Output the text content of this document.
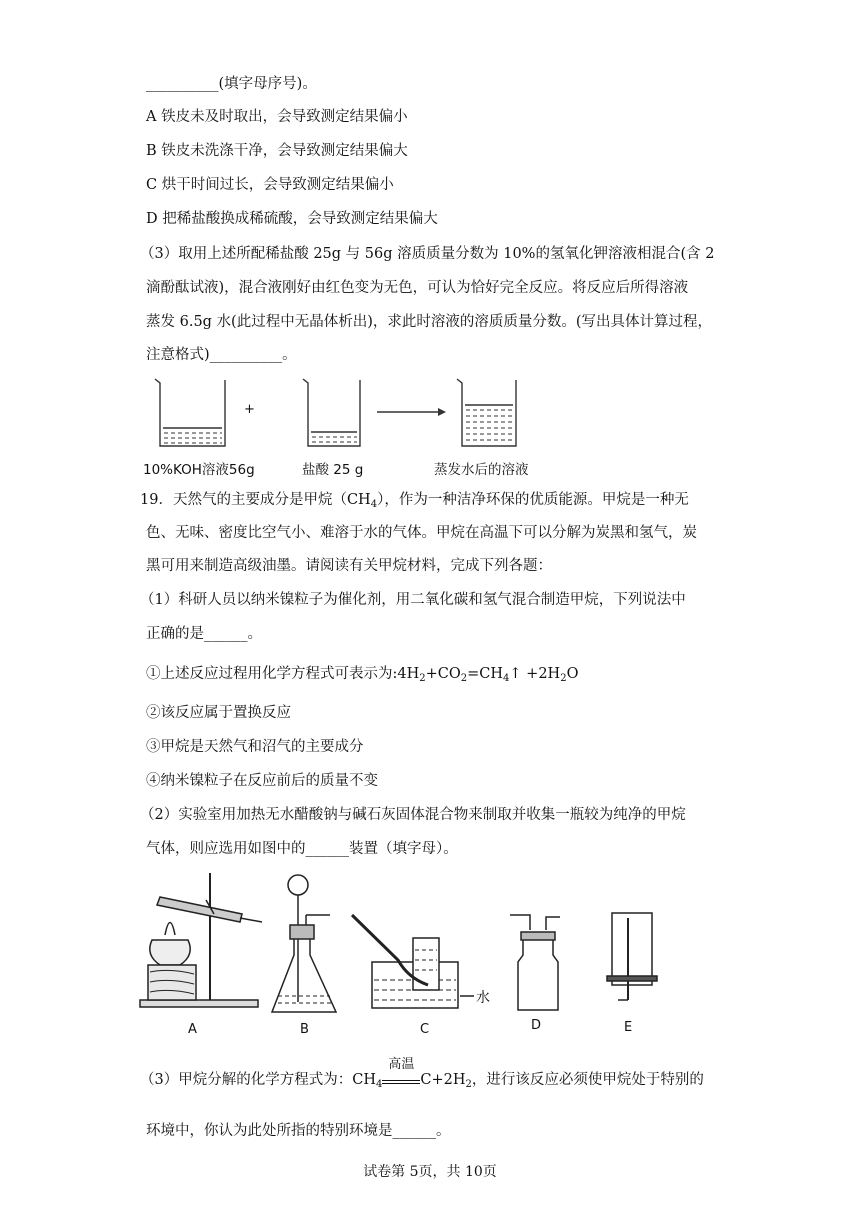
__________(填字母序号)。
A 铁皮未及时取出，会导致测定结果偏小
B 铁皮未洗涤干净，会导致测定结果偏大
C 烘干时间过长，会导致测定结果偏小
D 把稀盐酸换成稀硫酸，会导致测定结果偏大
（3）取用上述所配稀盐酸 25g 与 56g 溶质质量分数为 10%的氢氧化钾溶液相混合(含 2
滴酚酞试液)，混合液刚好由红色变为无色，可认为恰好完全反应。将反应后所得溶液
蒸发 6.5g 水(此过程中无晶体析出)，求此时溶液的溶质质量分数。(写出具体计算过程，
注意格式)__________。
+
10%KOH溶液56g	盐酸 25 g	蒸发水后的溶液
19．天然气的主要成分是甲烷$(CH_4)$，作为一种洁净环保的优质能源。甲烷是一种无
色、无味、密度比空气小、难溶于水的气体。甲烷在高温下可以分解为炭黑和氢气，炭
黑可用来制造高级油墨。请阅读有关甲烷材料，完成下列各题：
（1）科研人员以纳米镍粒子为催化剂，用二氧化碳和氢气混合制造甲烷，下列说法中
正确的是______。
①上述反应过程用化学方程式可表示为$:4H_2+CO_2=CH_4↑ +2H_2O$
②该反应属于置换反应
③甲烷是天然气和沼气的主要成分
④纳米镍粒子在反应前后的质量不变
（2）实验室用加热无水醋酸钠与碱石灰固体混合物来制取并收集一瓶较为纯净的甲烷
气体，则应选用如图中的______装置（填字母）。
A	B	C	D	E
水
（3）甲烷分解的化学方程式为：$CH_4$
高温
$C+2H_2$，进行该反应必须使甲烷处于特别的
环境中，你认为此处所指的特别环境是______。
试卷第 5页，共 10页
